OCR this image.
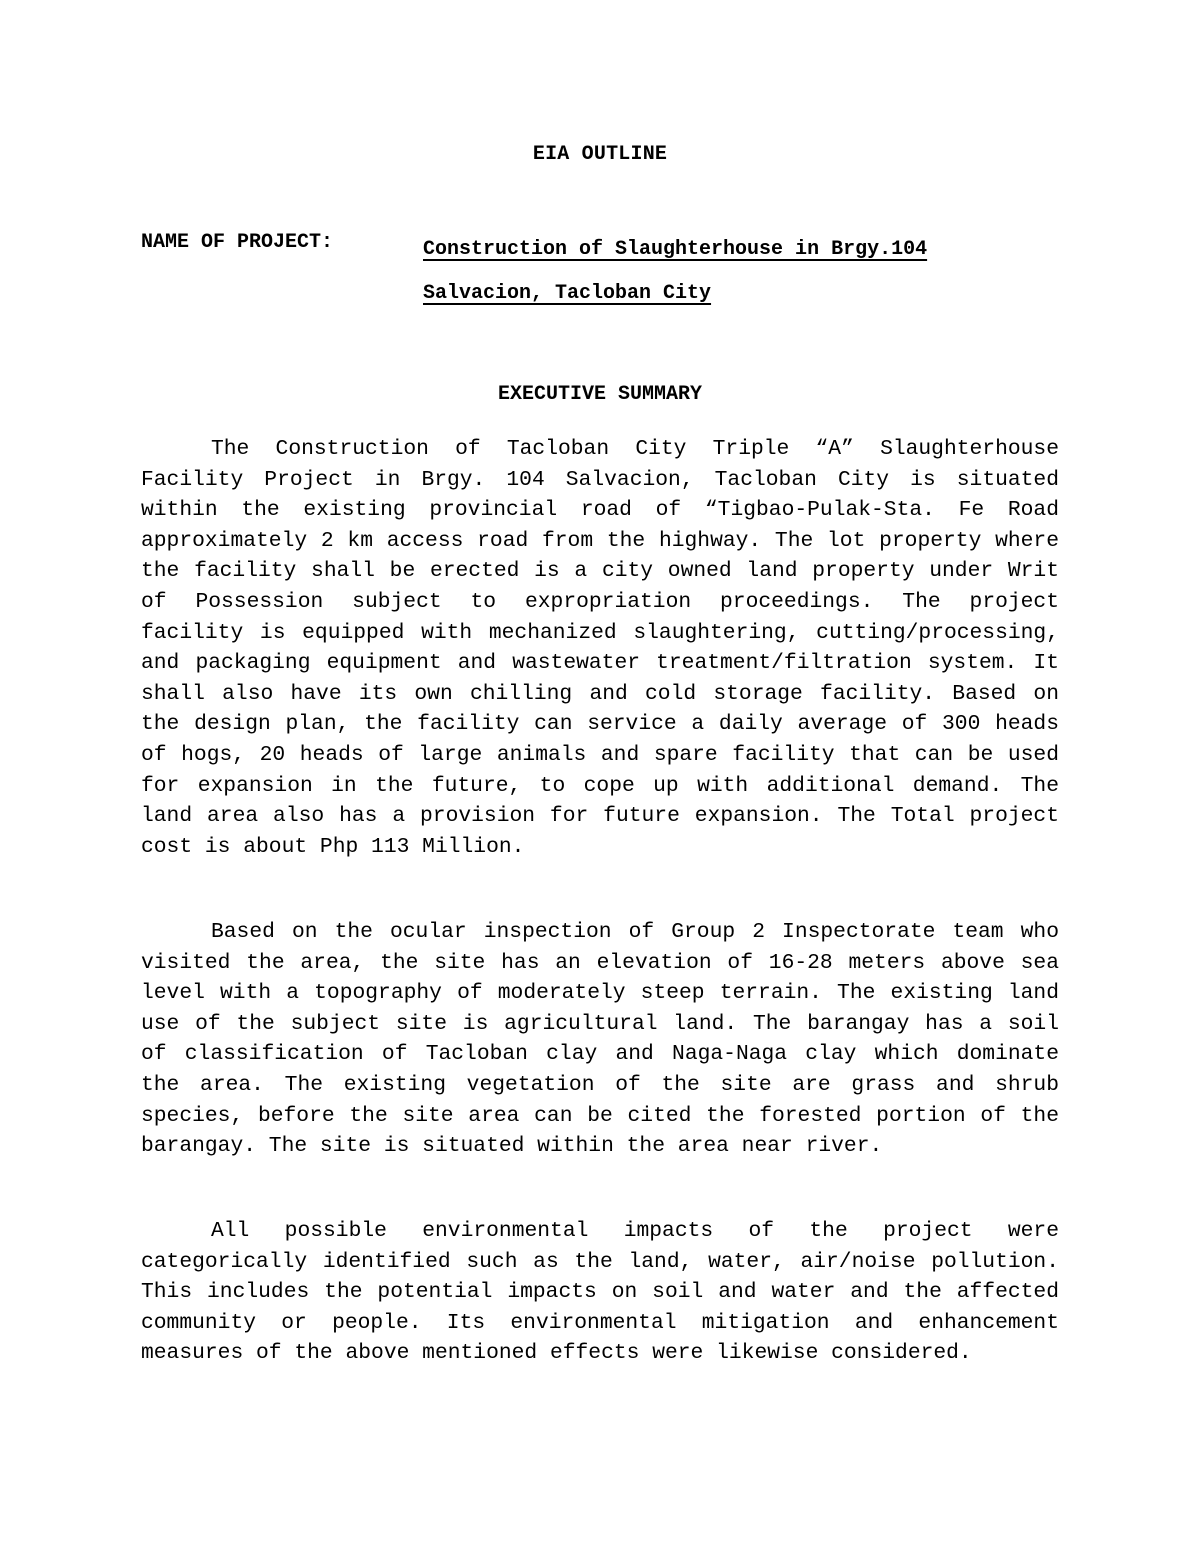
EIA OUTLINE
NAME OF PROJECT:	Construction of Slaughterhouse in Brgy.104
Salvacion, Tacloban City
EXECUTIVE SUMMARY

The Construction of Tacloban City Triple “A” Slaughterhouse Facility Project in Brgy. 104 Salvacion, Tacloban City is situated within the existing provincial road of “Tigbao-Pulak-Sta. Fe Road approximately 2 km access road from the highway. The lot property where the facility shall be erected is a city owned land property under Writ of Possession subject to expropriation proceedings. The project facility is equipped with mechanized slaughtering, cutting/processing, and packaging equipment and wastewater treatment/filtration system. It shall also have its own chilling and cold storage facility. Based on the design plan, the facility can service a daily average of 300 heads of hogs, 20 heads of large animals and spare facility that can be used for expansion in the future, to cope up with additional demand. The land area also has a provision for future expansion. The Total project cost is about Php 113 Million.

Based on the ocular inspection of Group 2 Inspectorate team who visited the area, the site has an elevation of 16-28 meters above sea level with a topography of moderately steep terrain. The existing land use of the subject site is agricultural land. The barangay has a soil of classification of Tacloban clay and Naga-Naga clay which dominate the area. The existing vegetation of the site are grass and shrub species, before the site area can be cited the forested portion of the barangay. The site is situated within the area near river.

All possible environmental impacts of the project were categorically identified such as the land, water, air/noise pollution. This includes the potential impacts on soil and water and the affected community or people. Its environmental mitigation and enhancement measures of the above mentioned effects were likewise considered.
